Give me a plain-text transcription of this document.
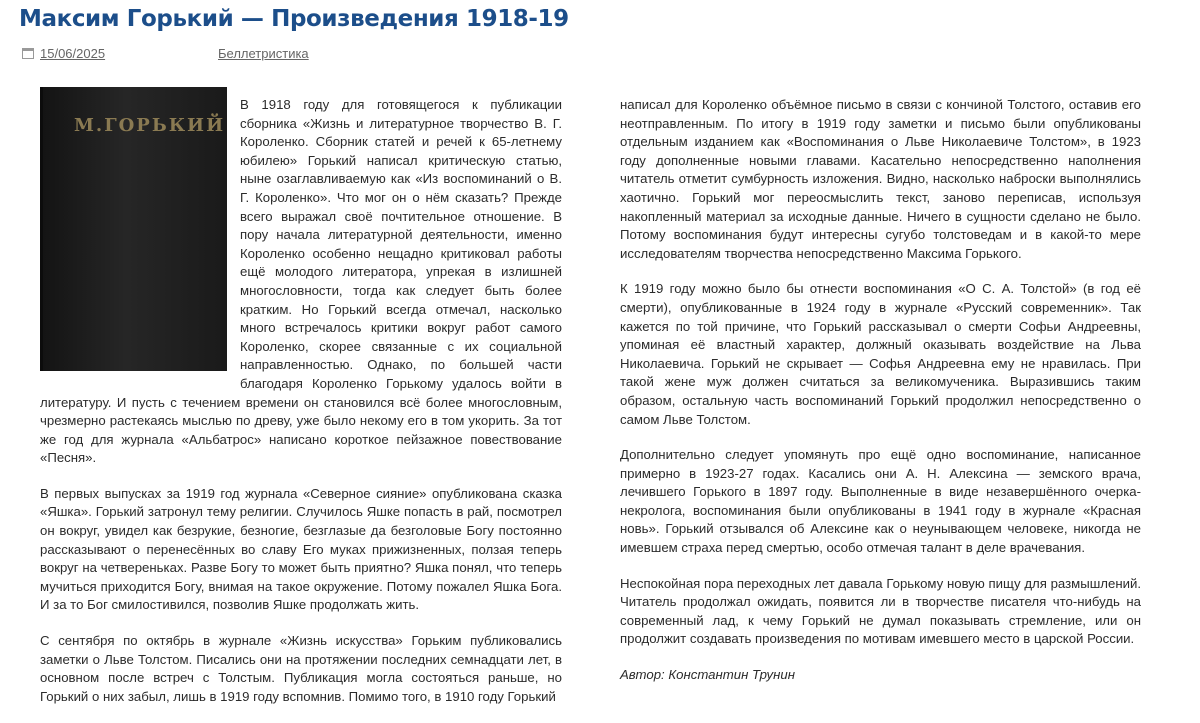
Максим Горький — Произведения 1918-19
15/06/2025	Беллетристика
М.ГОРЬКИЙ

В 1918 году для готовящегося к публикации сборника «Жизнь и литературное творчество В. Г. Короленко. Сборник статей и речей к 65-летнему юбилею» Горький написал критическую статью, ныне озаглавливаемую как «Из воспоминаний о В. Г. Короленко». Что мог он о нём сказать? Прежде всего выражал своё почтительное отношение. В пору начала литературной деятельности, именно Короленко особенно нещадно критиковал работы ещё молодого литератора, упрекая в излишней многословности, тогда как следует быть более кратким. Но Горький всегда отмечал, насколько много встречалось критики вокруг работ самого Короленко, скорее связанные с их социальной направленностью. Однако, по большей части благодаря Короленко Горькому удалось войти в литературу. И пусть с течением времени он становился всё более многословным, чрезмерно растекаясь мыслью по древу, уже было некому его в том укорить. За тот же год для журнала «Альбатрос» написано короткое пейзажное повествование «Песня».

В первых выпусках за 1919 год журнала «Северное сияние» опубликована сказка «Яшка». Горький затронул тему религии. Случилось Яшке попасть в рай, посмотрел он вокруг, увидел как безрукие, безногие, безглазые да безголовые Богу постоянно рассказывают о перенесённых во славу Его муках прижизненных, ползая теперь вокруг на четвереньках. Разве Богу то может быть приятно? Яшка понял, что теперь мучиться приходится Богу, внимая на такое окружение. Потому пожалел Яшка Бога. И за то Бог смилостивился, позволив Яшке продолжать жить.

С сентября по октябрь в журнале «Жизнь искусства» Горьким публиковались заметки о Льве Толстом. Писались они на протяжении последних семнадцати лет, в основном после встреч с Толстым. Публикация могла состояться раньше, но Горький о них забыл, лишь в 1919 году вспомнив. Помимо того, в 1910 году Горький

написал для Короленко объёмное письмо в связи с кончиной Толстого, оставив его неотправленным. По итогу в 1919 году заметки и письмо были опубликованы отдельным изданием как «Воспоминания о Льве Николаевиче Толстом», в 1923 году дополненные новыми главами. Касательно непосредственно наполнения читатель отметит сумбурность изложения. Видно, насколько наброски выполнялись хаотично. Горький мог переосмыслить текст, заново переписав, используя накопленный материал за исходные данные. Ничего в сущности сделано не было. Потому воспоминания будут интересны сугубо толстоведам и в какой-то мере исследователям творчества непосредственно Максима Горького.

К 1919 году можно было бы отнести воспоминания «О С. А. Толстой» (в год её смерти), опубликованные в 1924 году в журнале «Русский современник». Так кажется по той причине, что Горький рассказывал о смерти Софьи Андреевны, упоминая её властный характер, должный оказывать воздействие на Льва Николаевича. Горький не скрывает — Софья Андреевна ему не нравилась. При такой жене муж должен считаться за великомученика. Выразившись таким образом, остальную часть воспоминаний Горький продолжил непосредственно о самом Льве Толстом.

Дополнительно следует упомянуть про ещё одно воспоминание, написанное примерно в 1923-27 годах. Касались они А. Н. Алексина — земского врача, лечившего Горького в 1897 году. Выполненные в виде незавершённого очерка-некролога, воспоминания были опубликованы в 1941 году в журнале «Красная новь». Горький отзывался об Алексине как о неунывающем человеке, никогда не имевшем страха перед смертью, особо отмечая талант в деле врачевания.

Неспокойная пора переходных лет давала Горькому новую пищу для размышлений. Читатель продолжал ожидать, появится ли в творчестве писателя что-нибудь на современный лад, к чему Горький не думал показывать стремление, или он продолжит создавать произведения по мотивам имевшего место в царской России.

Автор: Константин Трунин
